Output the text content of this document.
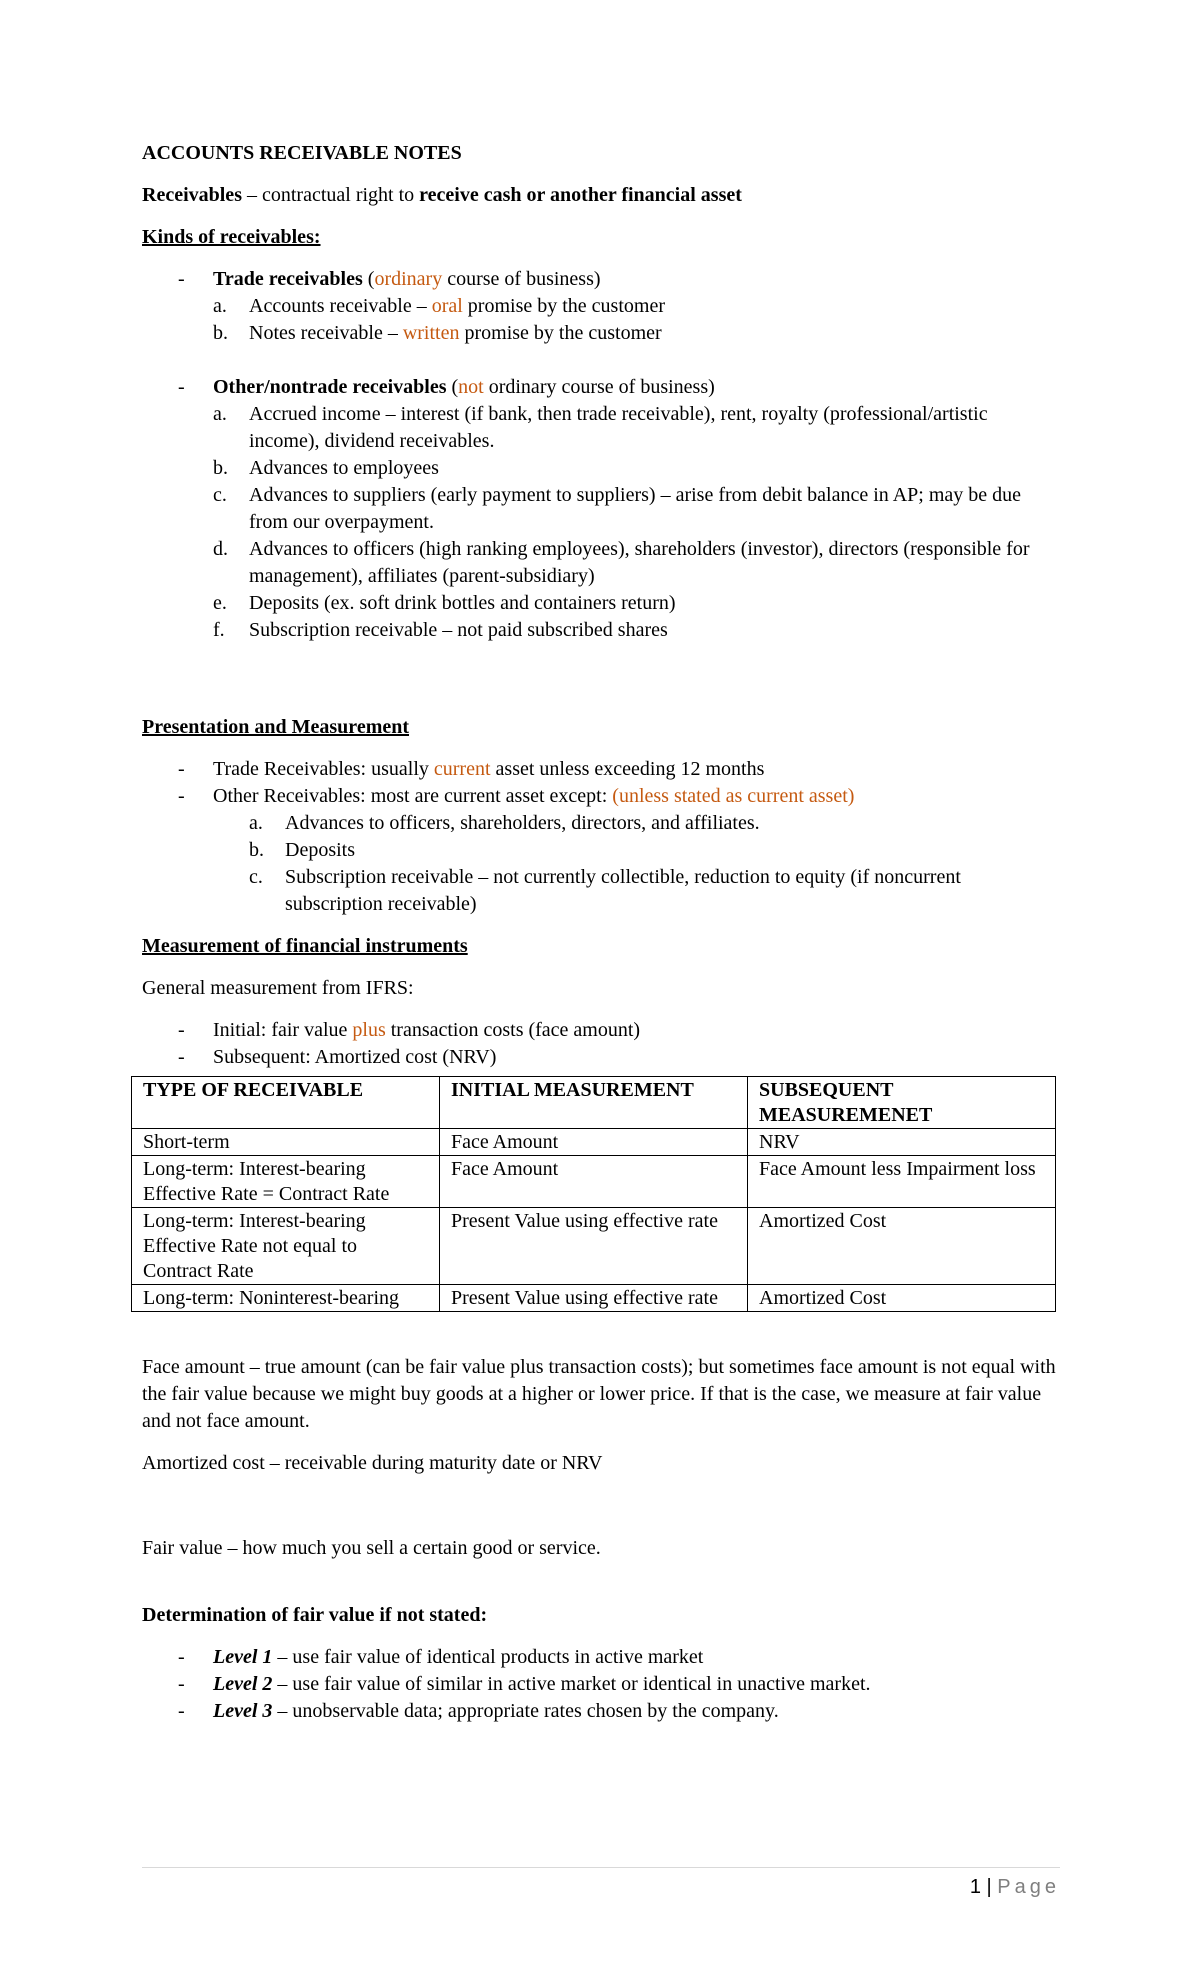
ACCOUNTS RECEIVABLE NOTES

Receivables – contractual right to receive cash or another financial asset

Kinds of receivables:

- Trade receivables (ordinary course of business)
a. Accounts receivable – oral promise by the customer
b. Notes receivable – written promise by the customer
- Other/nontrade receivables (not ordinary course of business)
a. Accrued income – interest (if bank, then trade receivable), rent, royalty (professional/artistic income), dividend receivables.
b. Advances to employees
c. Advances to suppliers (early payment to suppliers) – arise from debit balance in AP; may be due from our overpayment.
d. Advances to officers (high ranking employees), shareholders (investor), directors (responsible for management), affiliates (parent-subsidiary)
e. Deposits (ex. soft drink bottles and containers return)
f. Subscription receivable – not paid subscribed shares

Presentation and Measurement

- Trade Receivables: usually current asset unless exceeding 12 months
- Other Receivables: most are current asset except: (unless stated as current asset)
a. Advances to officers, shareholders, directors, and affiliates.
b. Deposits
c. Subscription receivable – not currently collectible, reduction to equity (if noncurrent subscription receivable)

Measurement of financial instruments

General measurement from IFRS:

- Initial: fair value plus transaction costs (face amount)
- Subsequent: Amortized cost (NRV)
TYPE OF RECEIVABLE	INITIAL MEASUREMENT	SUBSEQUENT MEASUREMENET
Short-term	Face Amount	NRV
Long-term: Interest-bearing Effective Rate = Contract Rate	Face Amount	Face Amount less Impairment loss
Long-term: Interest-bearing Effective Rate not equal to Contract Rate	Present Value using effective rate	Amortized Cost
Long-term: Noninterest-bearing	Present Value using effective rate	Amortized Cost

Face amount – true amount (can be fair value plus transaction costs); but sometimes face amount is not equal with the fair value because we might buy goods at a higher or lower price. If that is the case, we measure at fair value and not face amount.

Amortized cost – receivable during maturity date or NRV

Fair value – how much you sell a certain good or service.

Determination of fair value if not stated:

- Level 1 – use fair value of identical products in active market
- Level 2 – use fair value of similar in active market or identical in unactive market.
- Level 3 – unobservable data; appropriate rates chosen by the company.
1 | Page
